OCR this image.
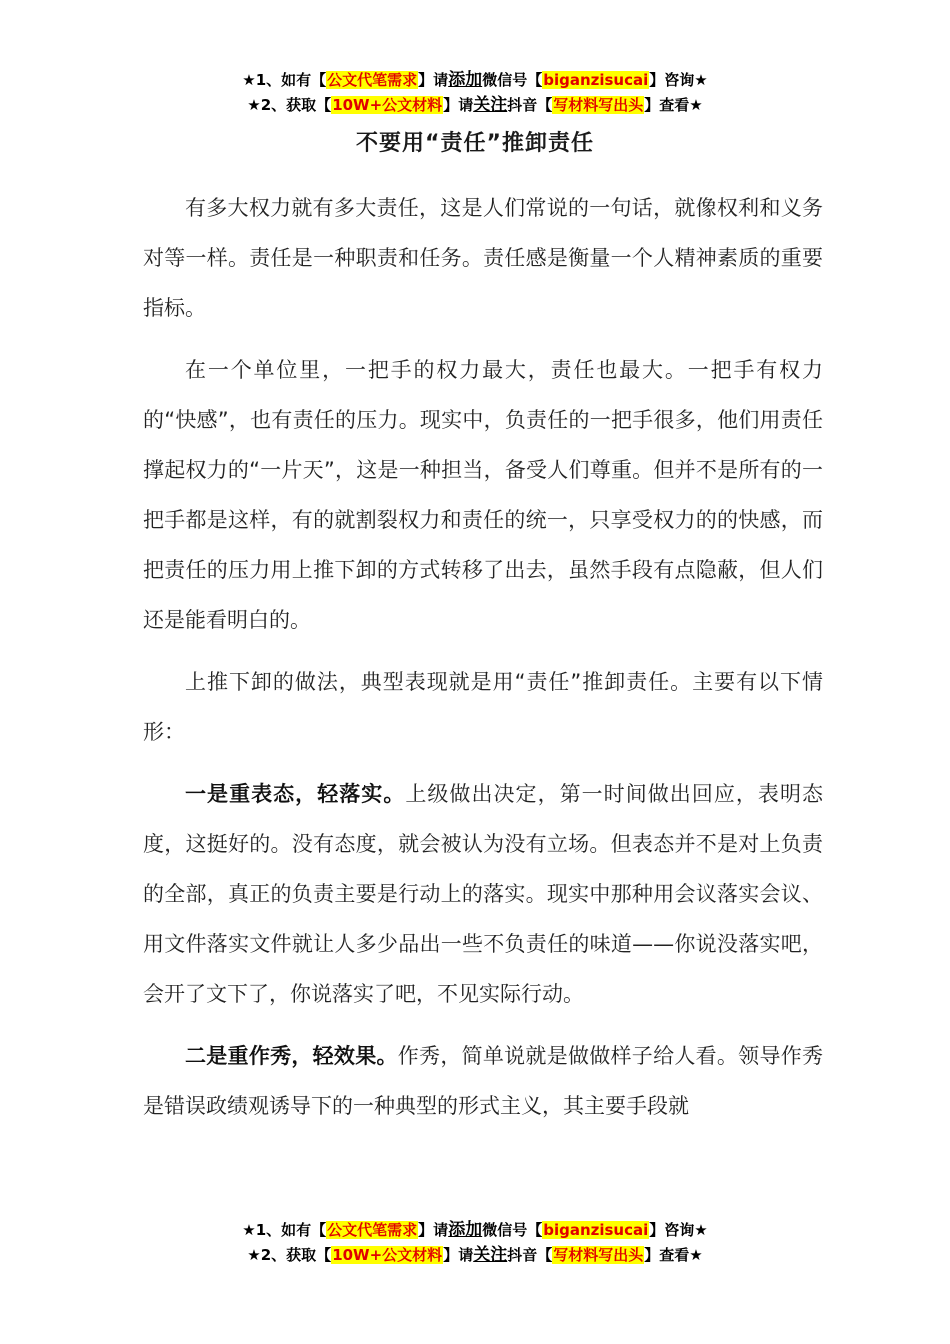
★1、如有【公文代笔需求】请添加微信号【biganzisucai】咨询★
★2、获取【10W+公文材料】请关注抖音【写材料写出头】查看★
不要用“责任”推卸责任

有多大权力就有多大责任，这是人们常说的一句话，就像权利和义务对等一样。责任是一种职责和任务。责任感是衡量一个人精神素质的重要指标。

在一个单位里，一把手的权力最大，责任也最大。一把手有权力的“快感”，也有责任的压力。现实中，负责任的一把手很多，他们用责任撑起权力的“一片天”，这是一种担当，备受人们尊重。但并不是所有的一把手都是这样，有的就割裂权力和责任的统一，只享受权力的的快感，而把责任的压力用上推下卸的方式转移了出去，虽然手段有点隐蔽，但人们还是能看明白的。

上推下卸的做法，典型表现就是用“责任”推卸责任。主要有以下情形：

一是重表态，轻落实。上级做出决定，第一时间做出回应，表明态度，这挺好的。没有态度，就会被认为没有立场。但表态并不是对上负责的全部，真正的负责主要是行动上的落实。现实中那种用会议落实会议、用文件落实文件就让人多少品出一些不负责任的味道——你说没落实吧，会开了文下了，你说落实了吧，不见实际行动。

二是重作秀，轻效果。作秀，简单说就是做做样子给人看。领导作秀是错误政绩观诱导下的一种典型的形式主义，其主要手段就

★1、如有【公文代笔需求】请添加微信号【biganzisucai】咨询★
★2、获取【10W+公文材料】请关注抖音【写材料写出头】查看★
